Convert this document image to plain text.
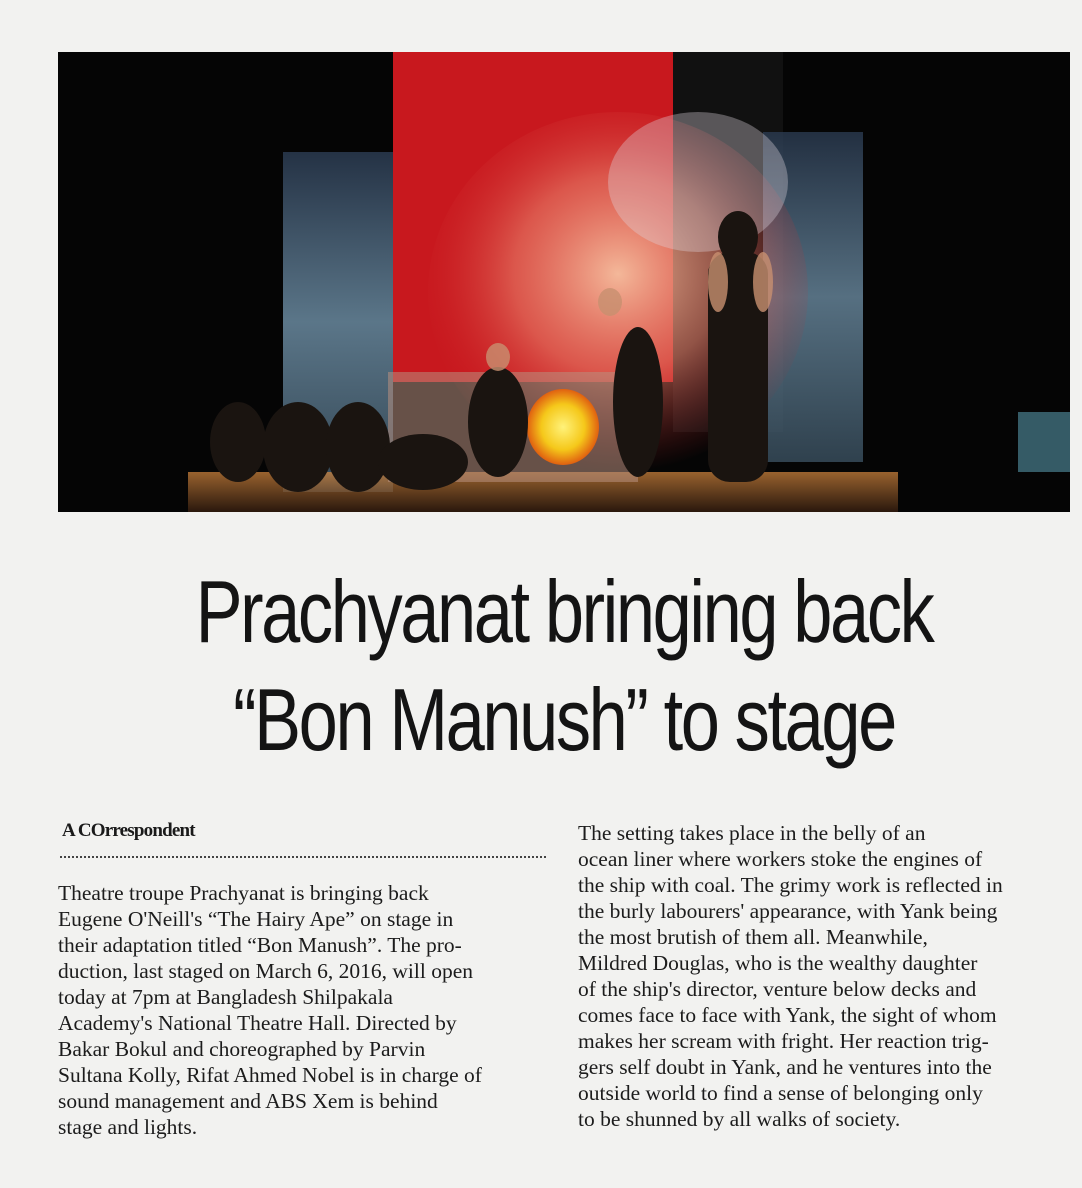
Prachyanat bringing back
“Bon Manush” to stage
A COrrespondent

Theatre troupe Prachyanat is bringing back
Eugene O'Neill's “The Hairy Ape” on stage in
their adaptation titled “Bon Manush”. The pro-
duction, last staged on March 6, 2016, will open
today at 7pm at Bangladesh Shilpakala
Academy's National Theatre Hall. Directed by
Bakar Bokul and choreographed by Parvin
Sultana Kolly, Rifat Ahmed Nobel is in charge of
sound management and ABS Xem is behind
stage and lights.

The setting takes place in the belly of an
ocean liner where workers stoke the engines of
the ship with coal. The grimy work is reflected in
the burly labourers' appearance, with Yank being
the most brutish of them all. Meanwhile,
Mildred Douglas, who is the wealthy daughter
of the ship's director, venture below decks and
comes face to face with Yank, the sight of whom
makes her scream with fright. Her reaction trig-
gers self doubt in Yank, and he ventures into the
outside world to find a sense of belonging only
to be shunned by all walks of society.
